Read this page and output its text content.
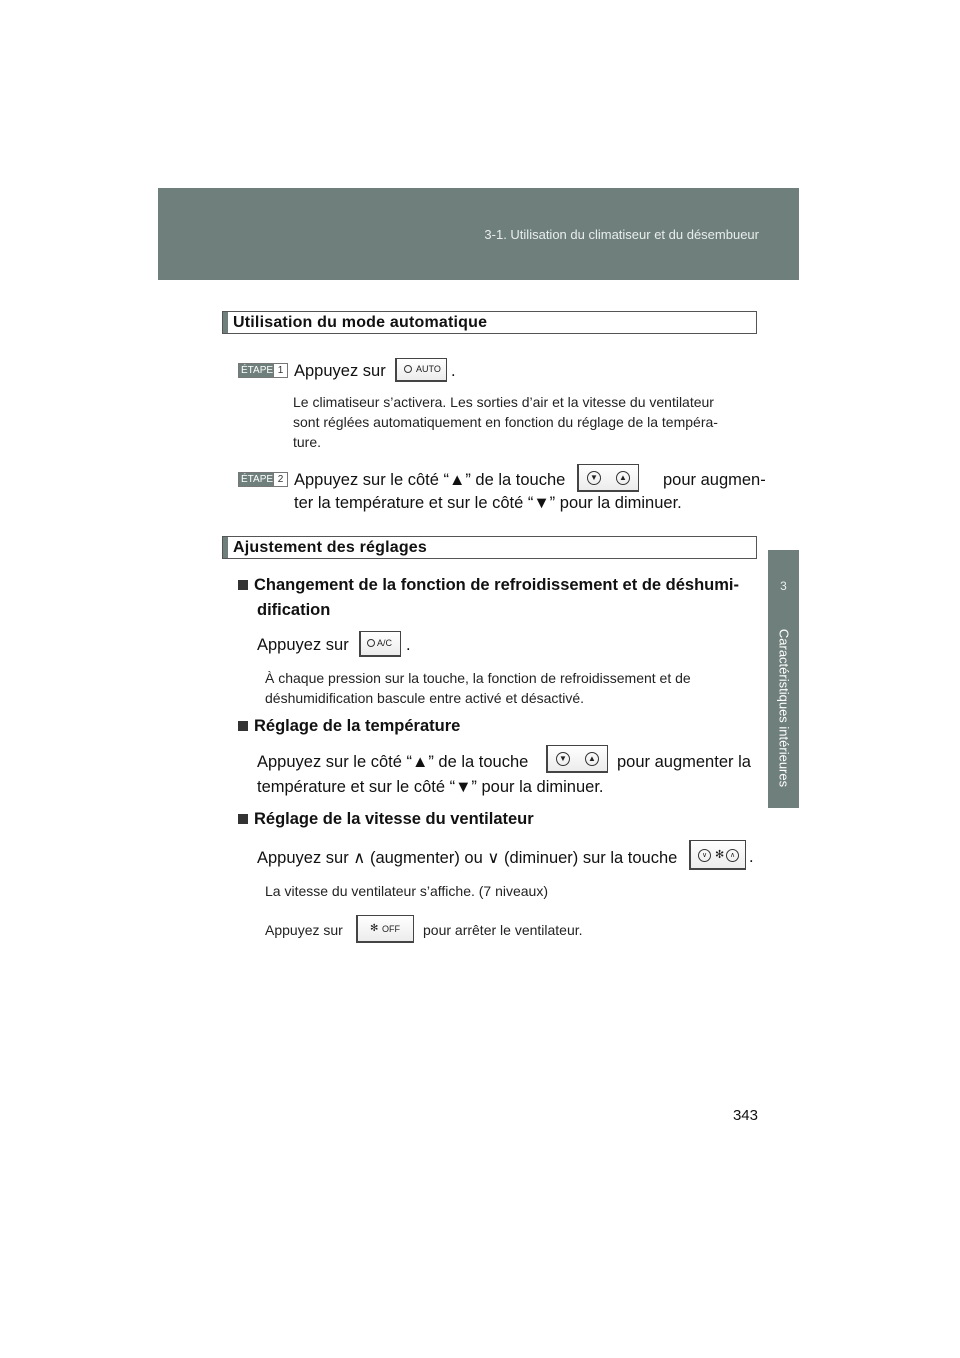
3-1. Utilisation du climatiseur et du désembueur
3
Caractéristiques intérieures
Utilisation du mode automatique
ÉTAPE 1 Appuyez sur	AUTO .
Le climatiseur s’activera. Les sorties d’air et la vitesse du ventilateur
sont réglées automatiquement en fonction du réglage de la tempéra-
ture.
ÉTAPE 2 Appuyez sur le côté “▲” de la touche	▼	▲ pour augmen-
ter la température et sur le côté “▼” pour la diminuer.
Ajustement des réglages
Changement de la fonction de refroidissement et de déshumi-
dification
Appuyez sur	A/C .
À chaque pression sur la touche, la fonction de refroidissement et de
déshumidification bascule entre activé et désactivé.
Réglage de la température
Appuyez sur le côté “▲” de la touche	▼	▲ pour augmenter la
température et sur le côté “▼” pour la diminuer.
Réglage de la vitesse du ventilateur
Appuyez sur ∧ (augmenter) ou ∨ (diminuer) sur la touche	∨ ✻ ∧ .
La vitesse du ventilateur s’affiche. (7 niveaux)
Appuyez sur	✻ OFF pour arrêter le ventilateur.
343
